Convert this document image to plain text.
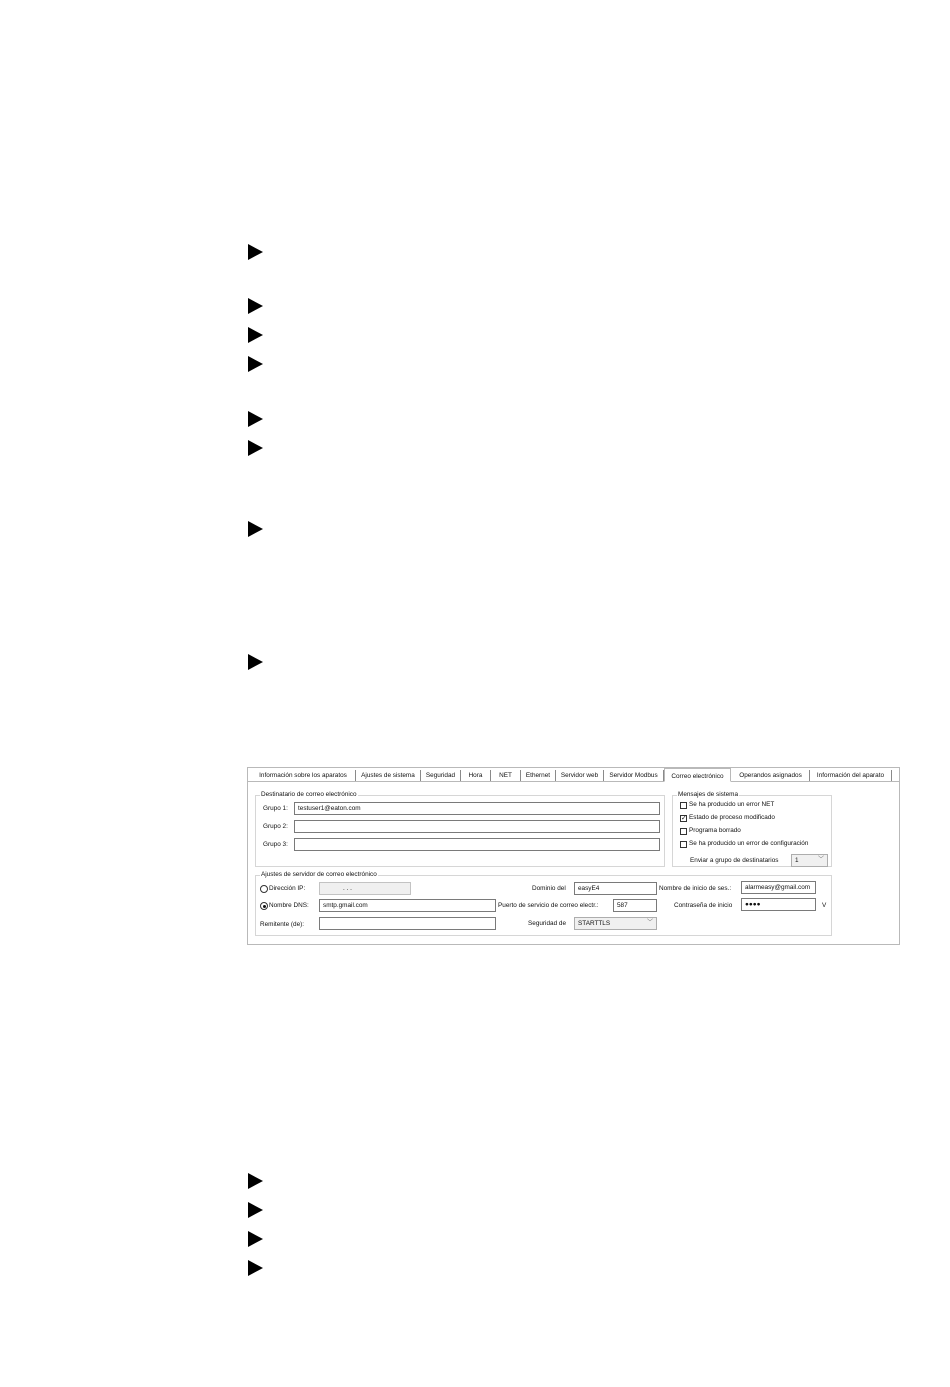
Información sobre los aparatos	Ajustes de sistema	Seguridad	Hora	NET	Ethernet	Servidor web	Servidor Modbus	Correo electrónico	Operandos asignados	Información del aparato
Destinatario de correo electrónico
Grupo 1:	testuser1@eaton.com
Grupo 2:
Grupo 3:
Mensajes de sistema
Se ha producido un error NET
✓ Estado de proceso modificado
Programa borrado
Se ha producido un error de configuración
Enviar a grupo de destinatarios	1	﹀
Ajustes de servidor de correo electrónico
Dirección IP:	. . .
Nombre DNS:	smtp.gmail.com
Remitente (de):
Dominio del	easyE4
Puerto de servicio de correo electr.:	587
Seguridad de	STARTTLS	﹀
Nombre de inicio de ses.:	alarmeasy@gmail.com
Contraseña de inicio	●●●●	V
